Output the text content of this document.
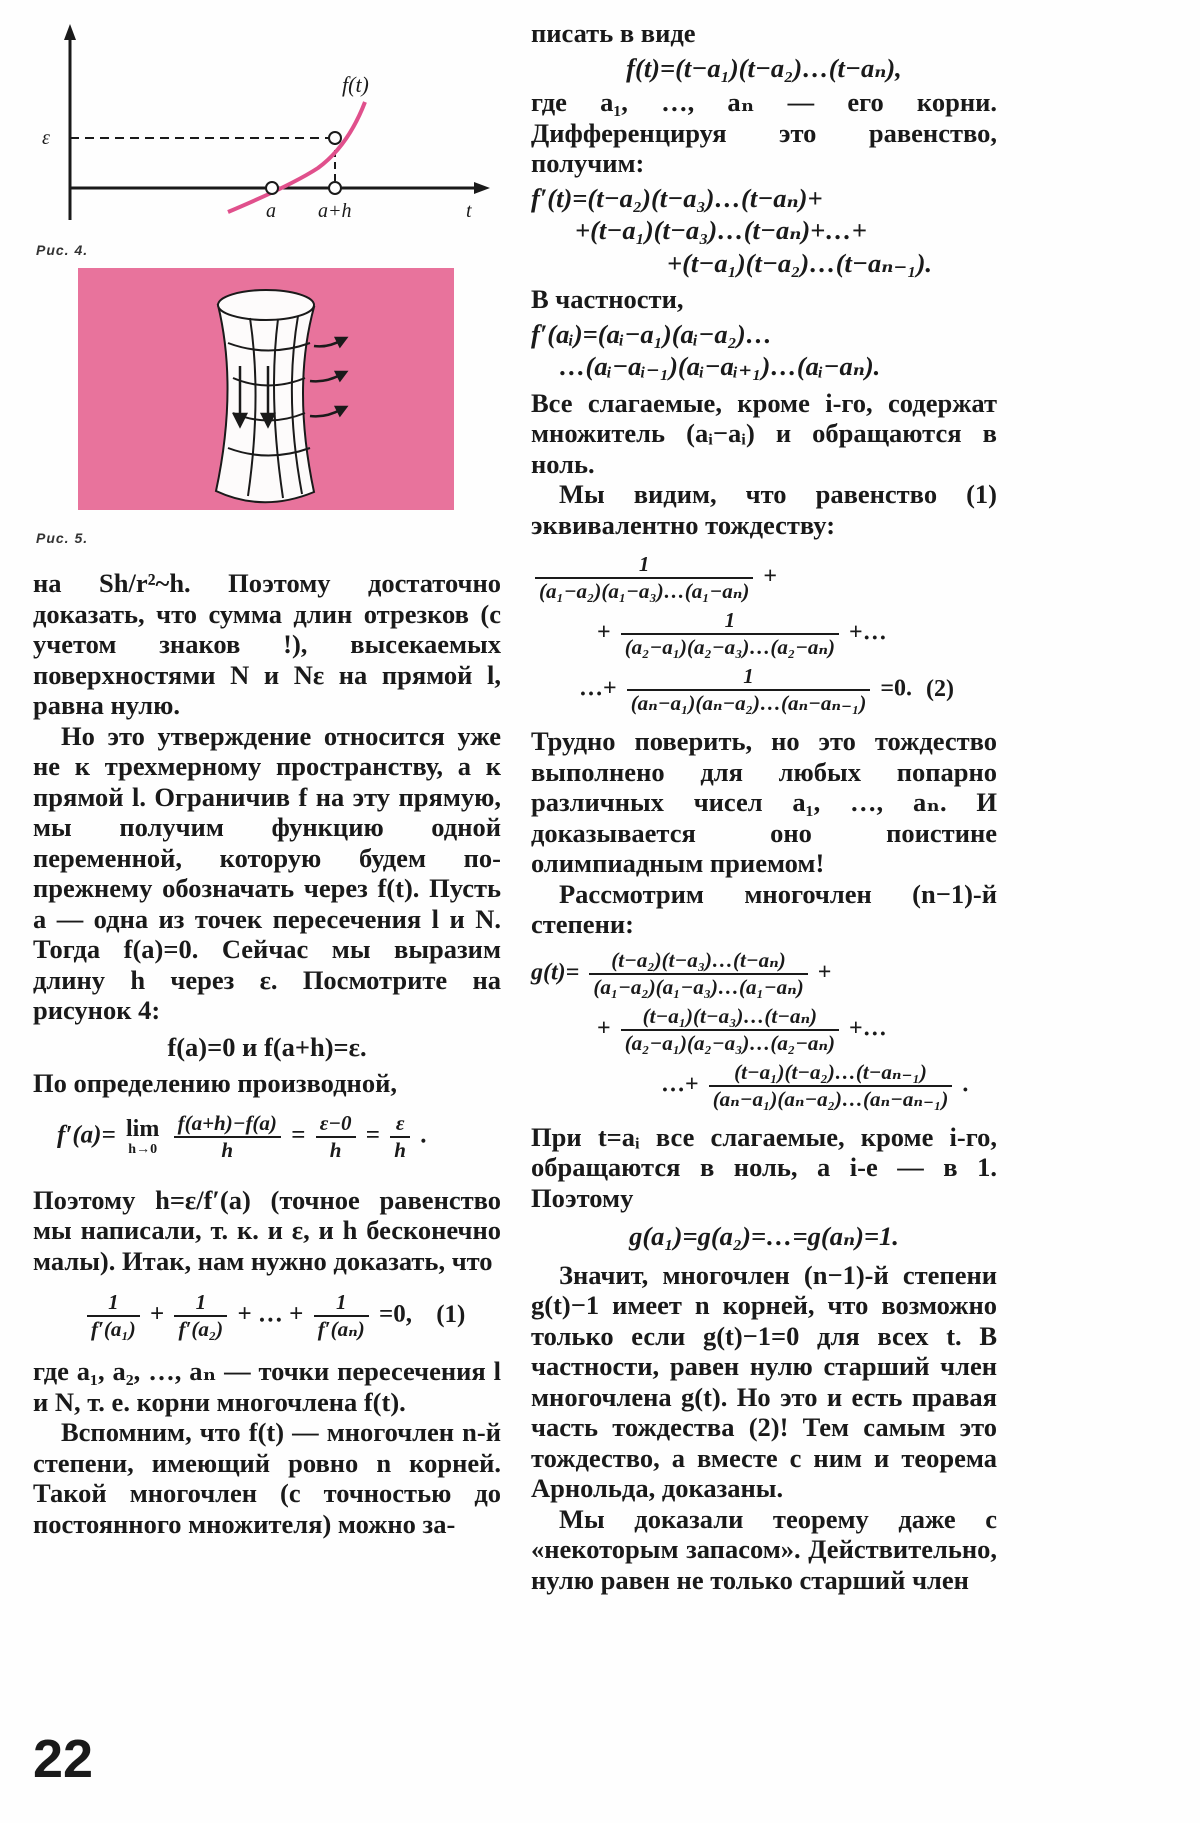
f(t)
ε
a a+h	t
Рис. 4.
Рис. 5.

на Sh/r²~h. Поэтому достаточно доказать, что сумма длин отрезков (с учетом знаков !), высекаемых поверхностями N и Nε на прямой l, равна нулю.

Но это утверждение относится уже не к трехмерному пространству, а к прямой l. Ограничив f на эту прямую, мы получим функцию одной переменной, которую будем по-прежнему обозначать через f(t). Пусть a — одна из точек пересечения l и N. Тогда f(a)=0. Сейчас мы выразим длину h через ε. Посмотрите на рисунок 4:

f(a)=0 и f(a+h)=ε.

По определению производной,

f′(a)= lim
h→0
$\frac{f(a+h)-f(a)}{h} = \frac{\varepsilon-0}{h} = \frac{\varepsilon}{h}$ .

Поэтому h=ε/f′(a) (точное равенство мы написали, т. к. и ε, и h бесконечно малы). Итак, нам нужно доказать, что

$\frac{1}{\text{f′(a₁)}} + \frac{1}{\text{f′(a₂)}}$ + … + $\frac{1}{\text{f′(aₙ)}} =0$, (1)

где a₁, a₂, …, aₙ — точки пересечения l и N, т. е. корни многочлена f(t).

Вспомним, что f(t) — многочлен n-й степени, имеющий ровно n корней. Такой многочлен (с точностью до постоянного множителя) можно за-

писать в виде

f(t)=(t−a₁)(t−a₂)…(t−aₙ),

где a₁, …, aₙ — его корни. Дифференцируя это равенство, получим:

f′(t)=(t−a₂)(t−a₃)…(t−aₙ)+
+(t−a₁)(t−a₃)…(t−aₙ)+…+
+(t−a₁)(t−a₂)…(t−aₙ₋₁).

В частности,

f′(aᵢ)=(aᵢ−a₁)(aᵢ−a₂)…
…(aᵢ−aᵢ₋₁)(aᵢ−aᵢ₊₁)…(aᵢ−aₙ).

Все слагаемые, кроме i-го, содержат множитель (aᵢ−aᵢ) и обращаются в ноль.

Мы видим, что равенство (1) эквивалентно тождеству:

$\frac{1}{\text{(a₁−a₂)(a₁−a₃)…(a₁−aₙ)}}$ +
+ $\frac{1}{\text{(a₂−a₁)(a₂−a₃)…(a₂−aₙ)}}$ +…
…+ $\frac{1}{\text{(aₙ−a₁)(aₙ−a₂)…(aₙ−aₙ₋₁)}} =0$. (2)

Трудно поверить, но это тождество выполнено для любых попарно различных чисел a₁, …, aₙ. И доказывается оно поистине олимпиадным приемом!

Рассмотрим многочлен (n−1)-й степени:

$g(t)= \frac{\text{(t−a₂)(t−a₃)…(t−aₙ)}}{\text{(a₁−a₂)(a₁−a₃)…(a₁−aₙ)}}$ +
+ $\frac{\text{(t−a₁)(t−a₃)…(t−aₙ)}}{\text{(a₂−a₁)(a₂−a₃)…(a₂−aₙ)}}$ +…
…+ $\frac{\text{(t−a₁)(t−a₂)…(t−aₙ₋₁)}}{\text{(aₙ−a₁)(aₙ−a₂)…(aₙ−aₙ₋₁)}}$ .

При t=aᵢ все слагаемые, кроме i-го, обращаются в ноль, а i-е — в 1. Поэтому

g(a₁)=g(a₂)=…=g(aₙ)=1.

Значит, многочлен (n−1)-й степени g(t)−1 имеет n корней, что возможно только если g(t)−1=0 для всех t. В частности, равен нулю старший член многочлена g(t). Но это и есть правая часть тождества (2)! Тем самым это тождество, а вместе с ним и теорема Арнольда, доказаны.

Мы доказали теорему даже с «некоторым запасом». Действительно, нулю равен не только старший член

22
